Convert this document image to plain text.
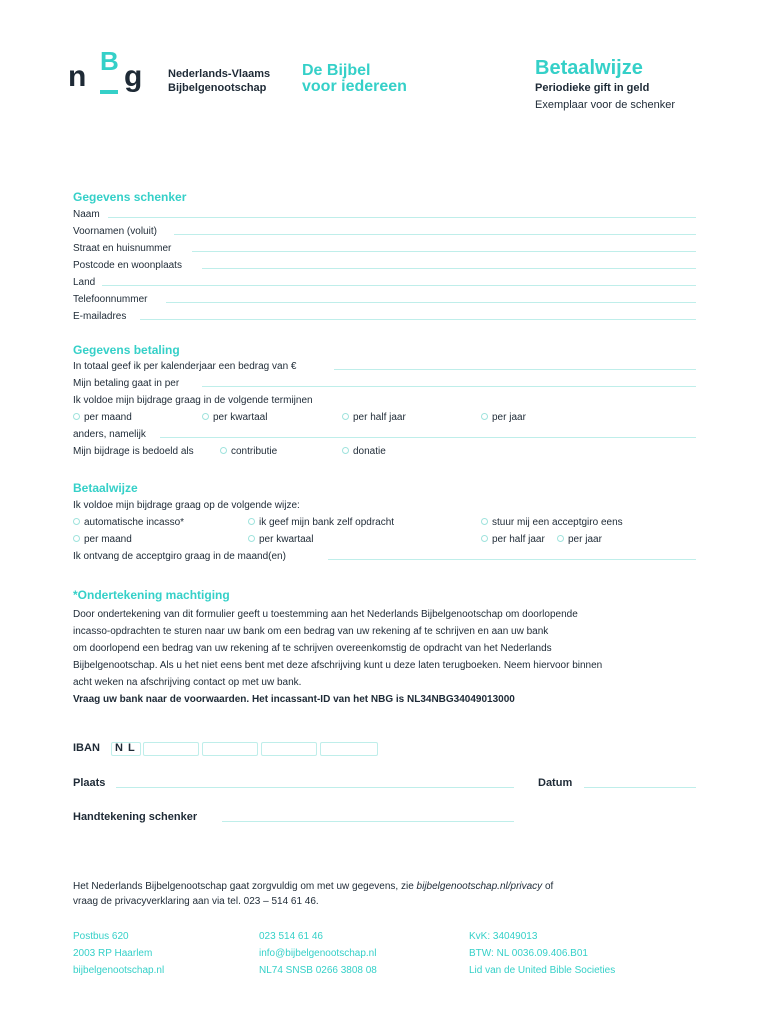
n B g Nederlands-Vlaams
Bijbelgenootschap
De Bijbel
voor iedereen
Betaalwijze
Periodieke gift in geld
Exemplaar voor de schenker
Gegevens schenker
Naam
Voornamen (voluit)
Straat en huisnummer
Postcode en woonplaats
Land
Telefoonnummer
E-mailadres
Gegevens betaling
In totaal geef ik per kalenderjaar een bedrag van €
Mijn betaling gaat in per
Ik voldoe mijn bijdrage graag in de volgende termijnen
per maand	per kwartaal	per half jaar	per jaar
anders, namelijk
Mijn bijdrage is bedoeld als	contributie	donatie
Betaalwijze
Ik voldoe mijn bijdrage graag op de volgende wijze:
automatische incasso*	ik geef mijn bank zelf opdracht	stuur mij een acceptgiro eens
per maand	per kwartaal	per half jaar	per jaar
Ik ontvang de acceptgiro graag in de maand(en)
*Ondertekening machtiging
Door ondertekening van dit formulier geeft u toestemming aan het Nederlands Bijbelgenootschap om doorlopende
incasso-opdrachten te sturen naar uw bank om een bedrag van uw rekening af te schrijven en aan uw bank
om doorlopend een bedrag van uw rekening af te schrijven overeenkomstig de opdracht van het Nederlands
Bijbelgenootschap. Als u het niet eens bent met deze afschrijving kunt u deze laten terugboeken. Neem hiervoor binnen
acht weken na afschrijving contact op met uw bank.
Vraag uw bank naar de voorwaarden. Het incassant-ID van het NBG is NL34NBG34049013000
IBAN N L
Plaats	Datum
Handtekening schenker
Het Nederlands Bijbelgenootschap gaat zorgvuldig om met uw gegevens, zie bijbelgenootschap.nl/privacy of
vraag de privacyverklaring aan via tel. 023 – 514 61 46.
Postbus 620
2003 RP Haarlem
bijbelgenootschap.nl
023 514 61 46
info@bijbelgenootschap.nl
NL74 SNSB 0266 3808 08
KvK: 34049013
BTW: NL 0036.09.406.B01
Lid van de United Bible Societies
